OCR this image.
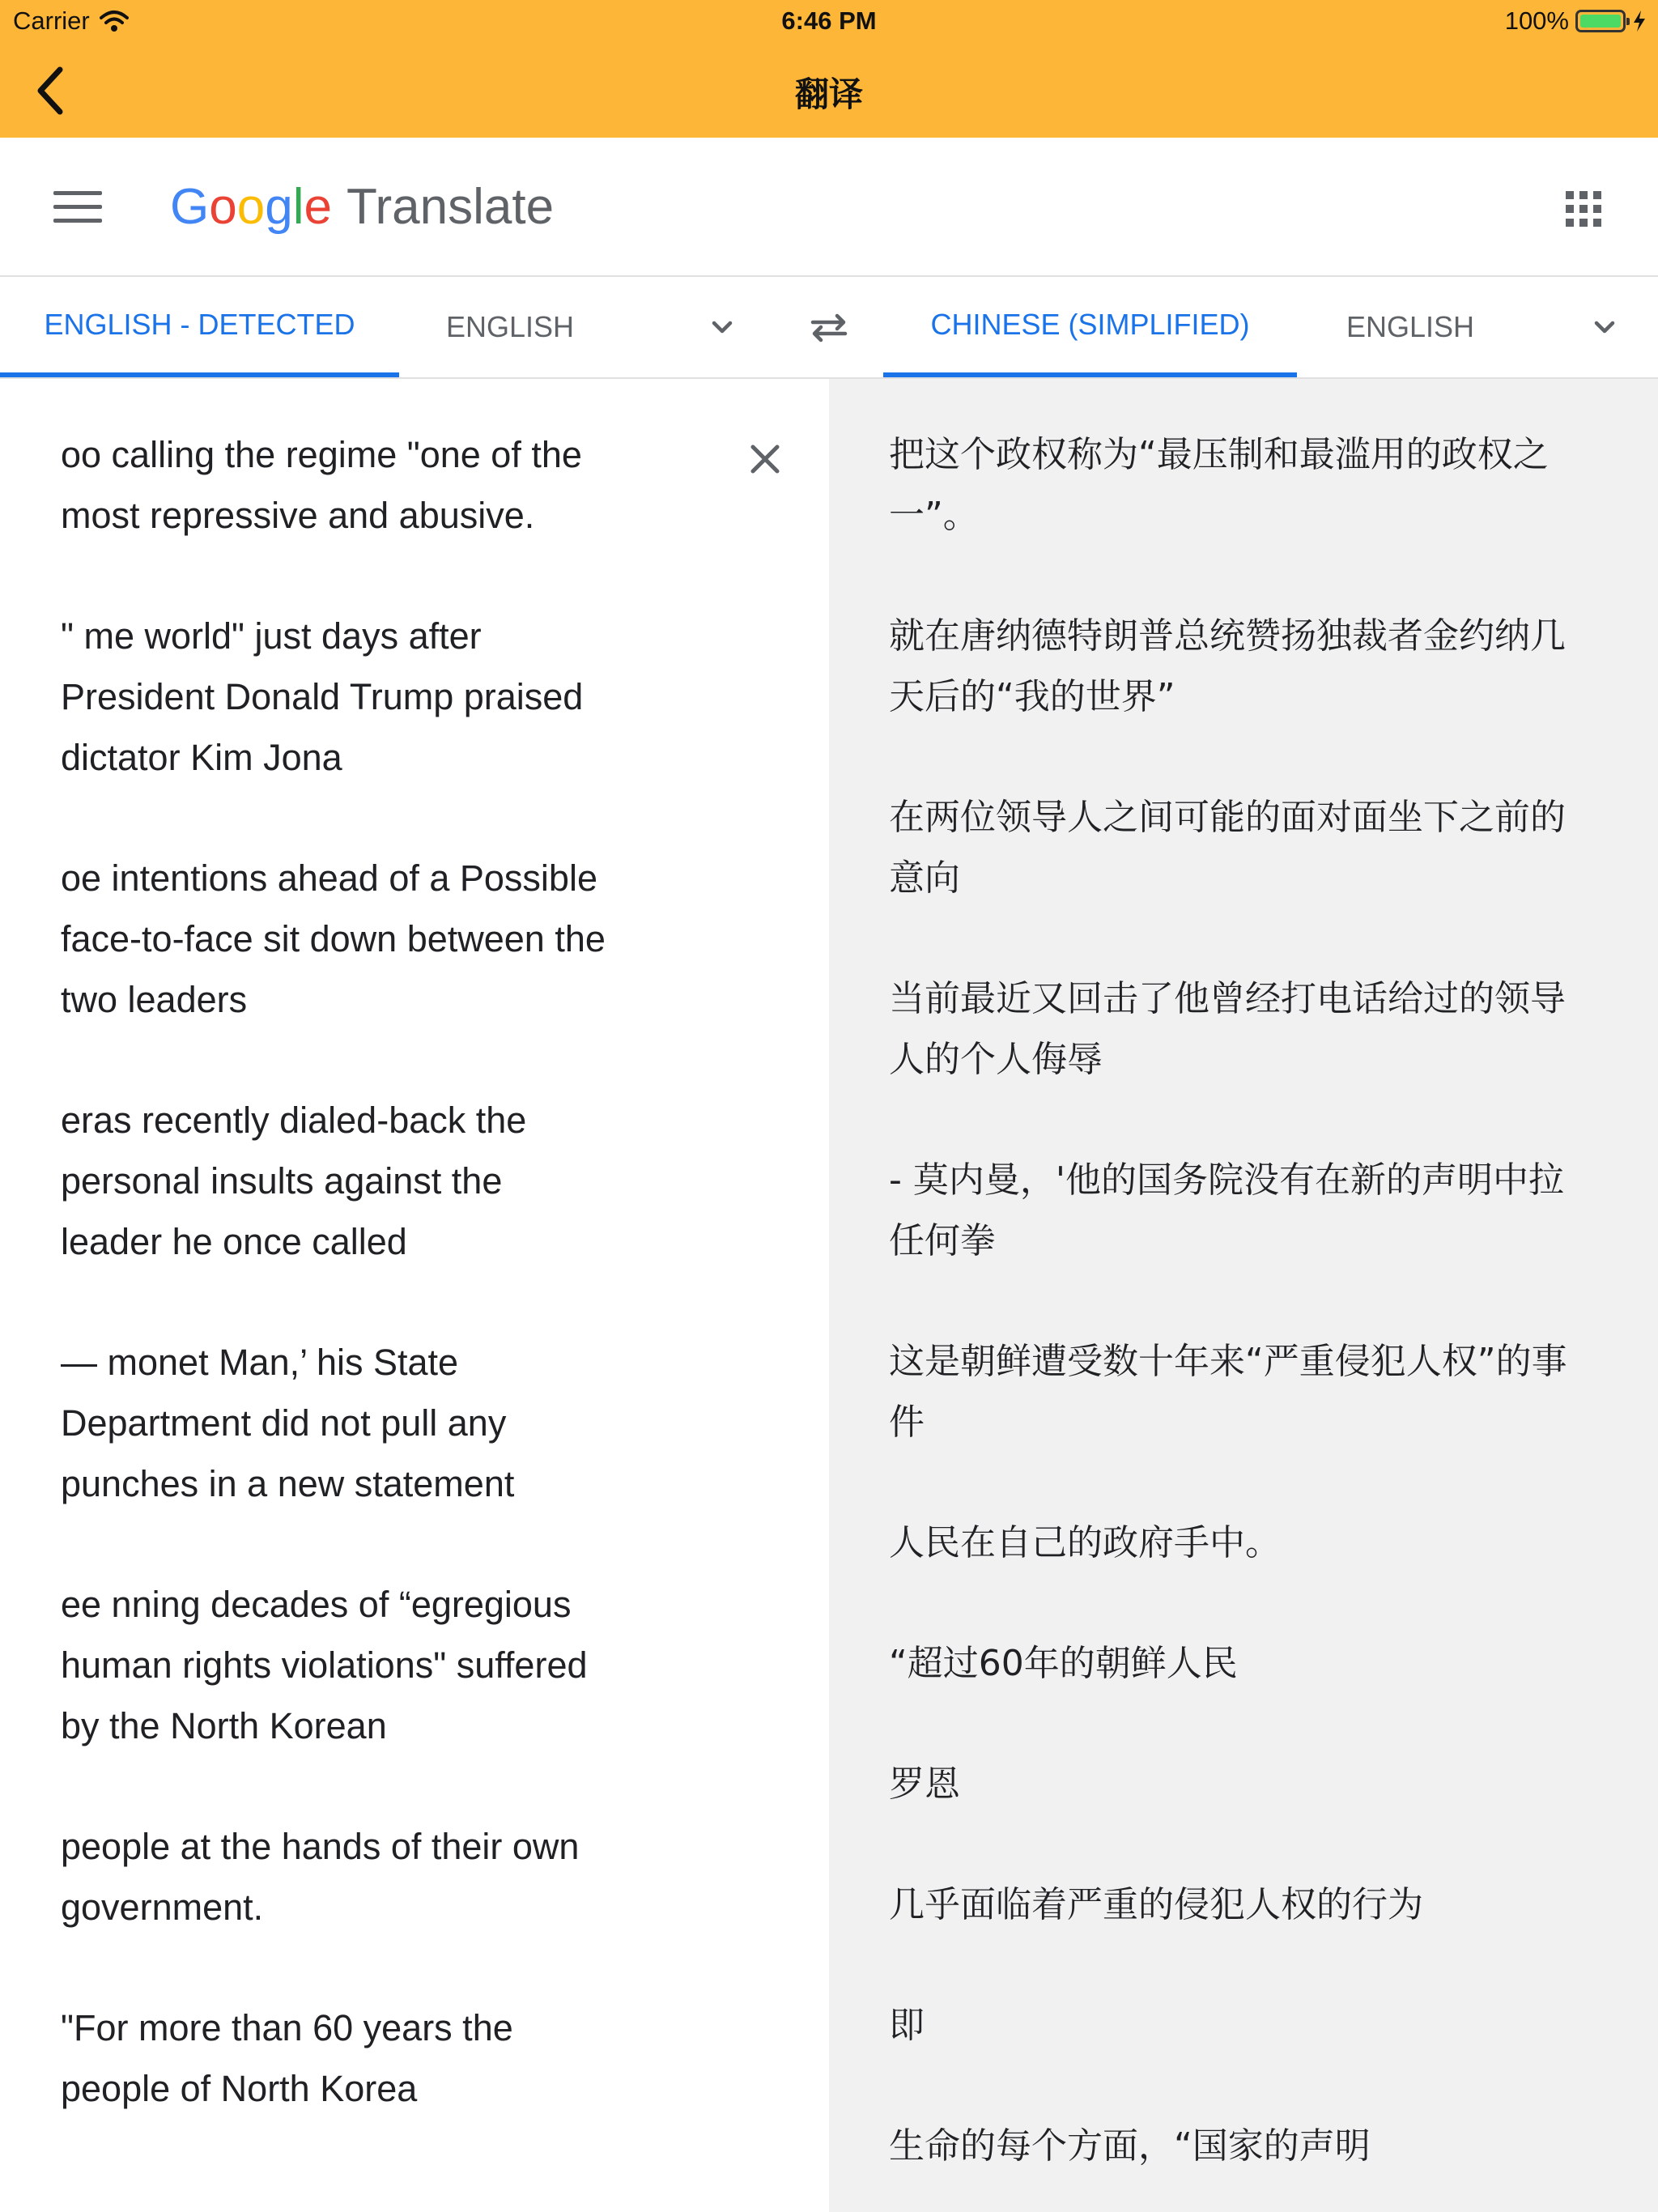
Carrier	6:46 PM	100%
翻译
Google Translate
ENGLISH - DETECTED	ENGLISH	CHINESE (SIMPLIFIED)	ENGLISH

oo calling the regime "one of the most repressive and abusive.

" me world" just days after President Donald Trump praised dictator Kim Jona

oe intentions ahead of a Possible face-to-face sit down between the two leaders

eras recently dialed-back the personal insults against the leader he once called

— monet Man,’ his State Department did not pull any punches in a new statement

ee nning decades of “egregious human rights violations" suffered by the North Korean

people at the hands of their own government.

"For more than 60 years the people of North Korea

把这个政权称为“最压制和最滥用的政权之一”。

就在唐纳德特朗普总统赞扬独裁者金约纳几天后的“我的世界”

在两位领导人之间可能的面对面坐下之前的意向

当前最近又回击了他曾经打电话给过的领导人的个人侮辱

- 莫内曼，'他的国务院没有在新的声明中拉任何拳

这是朝鲜遭受数十年来“严重侵犯人权”的事件

人民在自己的政府手中。

“超过60年的朝鲜人民

罗恩

几乎面临着严重的侵犯人权的行为

即

生命的每个方面，“国家的声明
